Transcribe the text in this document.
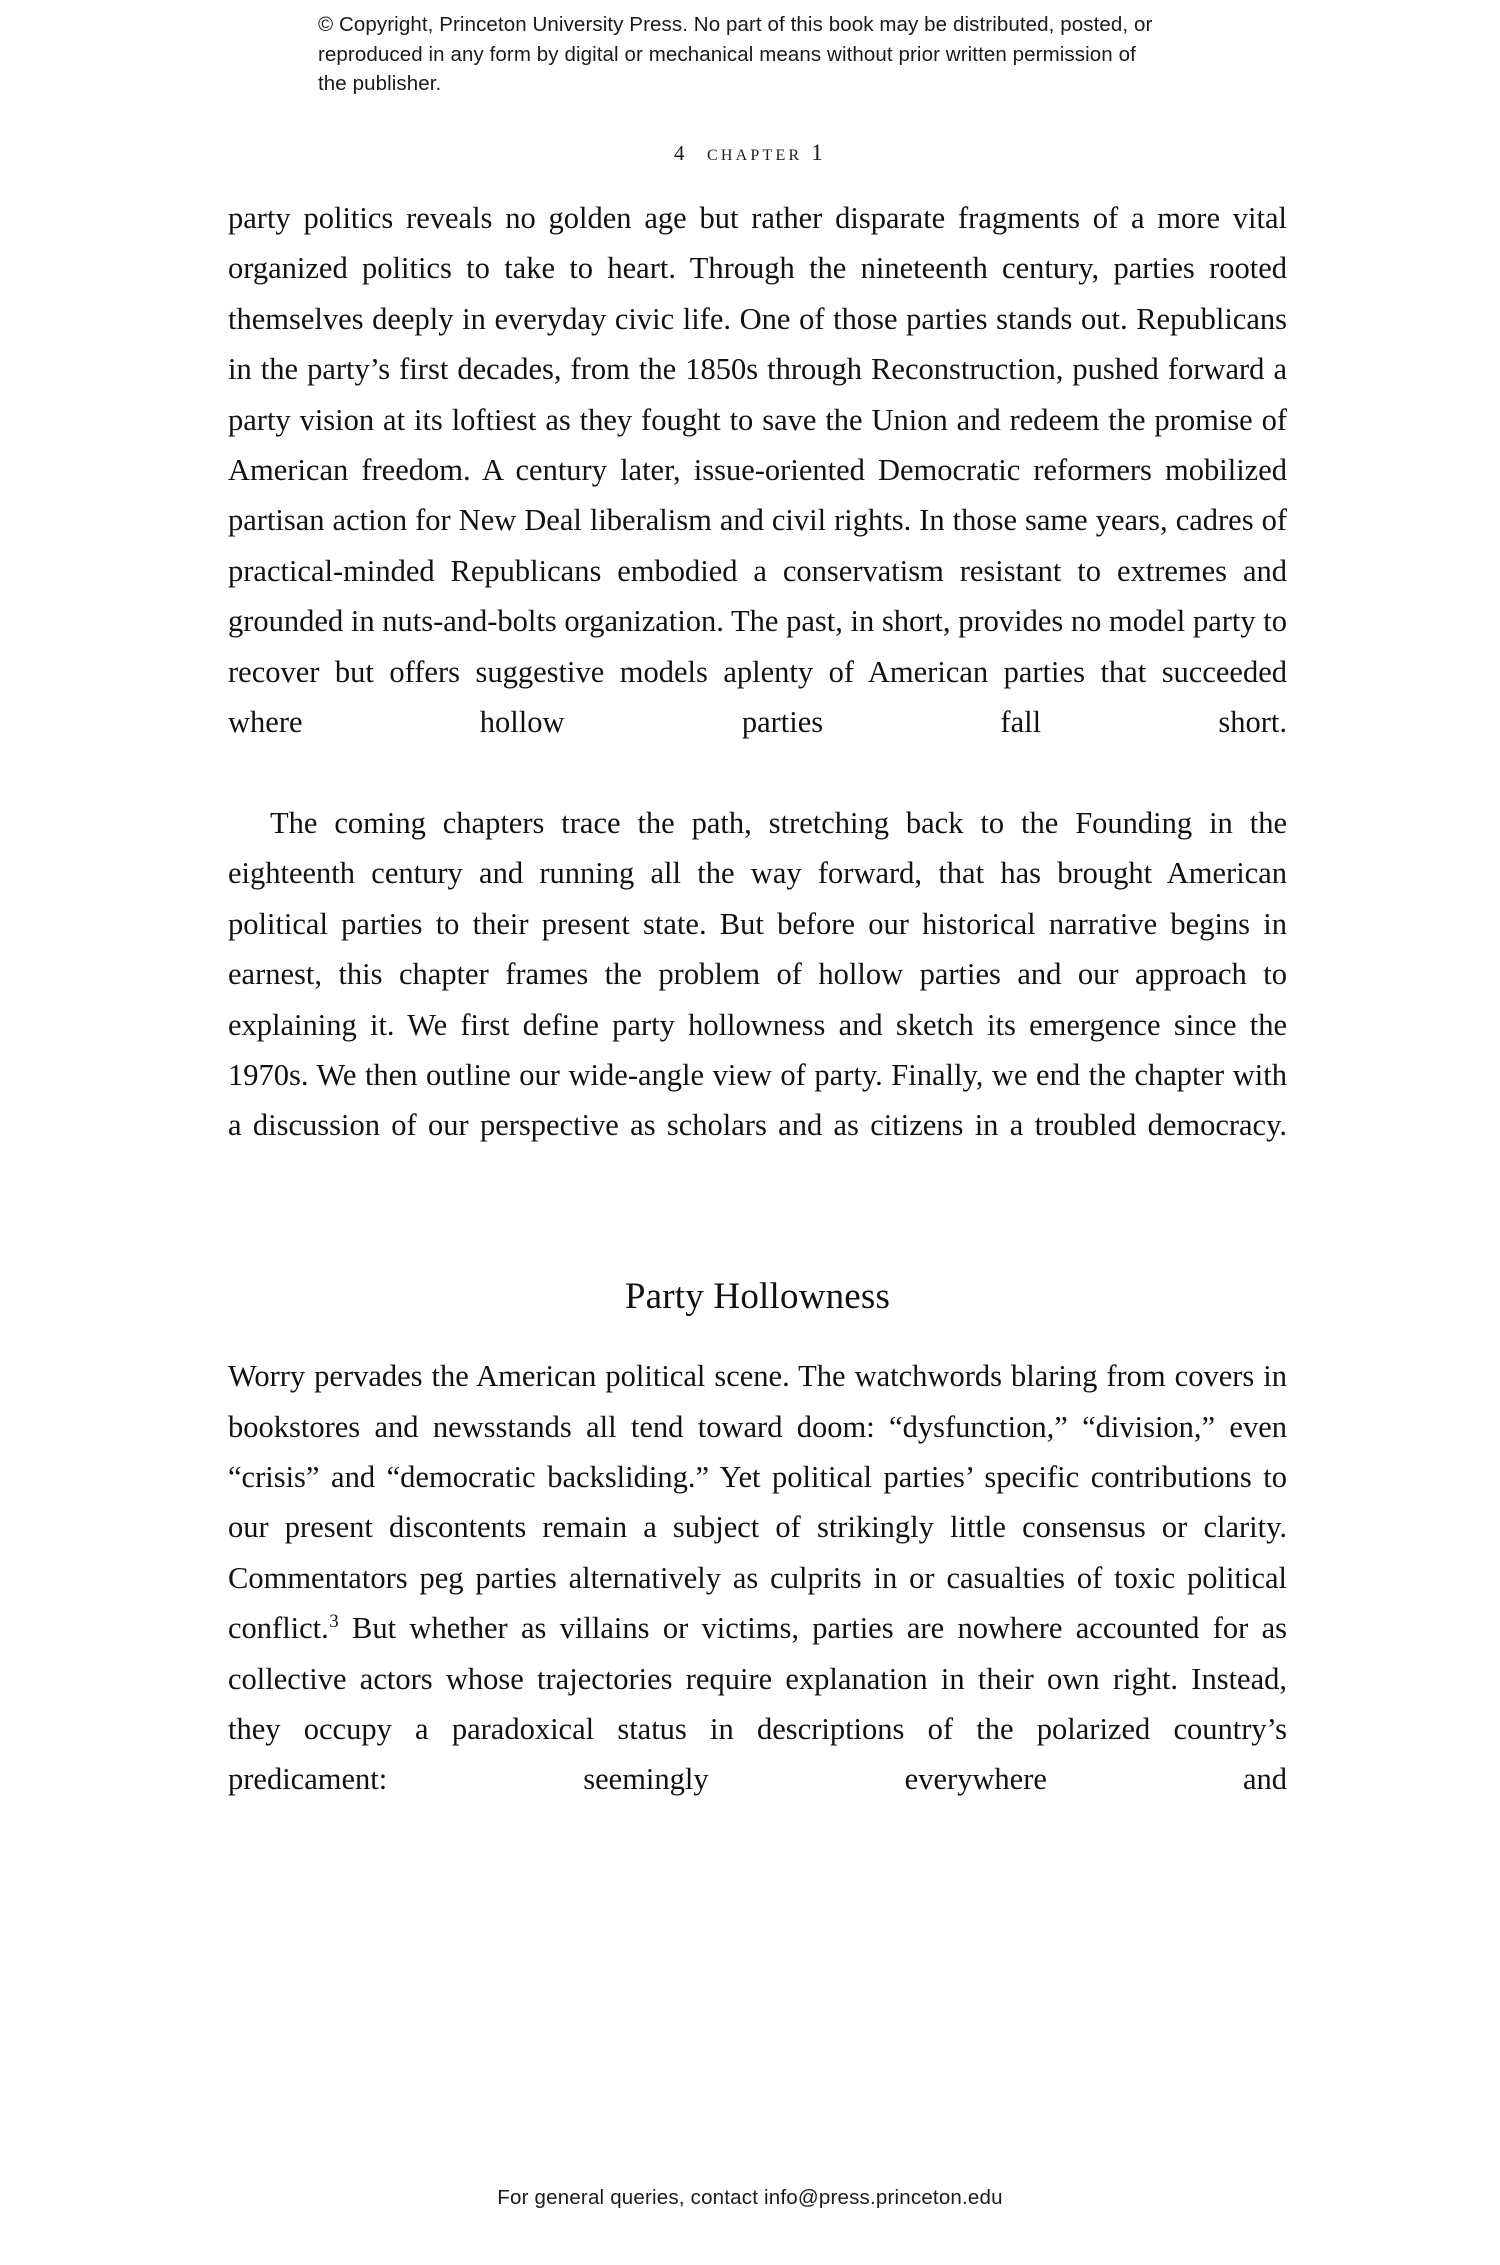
© Copyright, Princeton University Press. No part of this book may be distributed, posted, or reproduced in any form by digital or mechanical means without prior written permission of the publisher.
4 chapter 1

party politics reveals no golden age but rather disparate fragments of a more vital organized politics to take to heart. Through the nineteenth century, parties rooted themselves deeply in everyday civic life. One of those parties stands out. Republicans in the party’s first decades, from the 1850s through Reconstruction, pushed forward a party vision at its loftiest as they fought to save the Union and redeem the promise of American freedom. A century later, issue-oriented Democratic reformers mobilized partisan action for New Deal liberalism and civil rights. In those same years, cadres of practical-minded Republicans embodied a conservatism resistant to extremes and grounded in nuts-and-bolts organization. The past, in short, provides no model party to recover but offers suggestive models aplenty of American parties that succeeded where hollow parties fall short.

The coming chapters trace the path, stretching back to the Founding in the eighteenth century and running all the way forward, that has brought American political parties to their present state. But before our historical narrative begins in earnest, this chapter frames the problem of hollow parties and our approach to explaining it. We first define party hollowness and sketch its emergence since the 1970s. We then outline our wide-angle view of party. Finally, we end the chapter with a discussion of our perspective as scholars and as citizens in a troubled democracy.

Party Hollowness

Worry pervades the American political scene. The watchwords blaring from covers in bookstores and newsstands all tend toward doom: “dysfunction,” “division,” even “crisis” and “democratic backsliding.” Yet political parties’ specific contributions to our present discontents remain a subject of strikingly little consensus or clarity. Commentators peg parties alternatively as culprits in or casualties of toxic political conflict.$^3$ But whether as villains or victims, parties are nowhere accounted for as collective actors whose trajectories require explanation in their own right. Instead, they occupy a paradoxical status in descriptions of the polarized country’s predicament: seemingly everywhere and

For general queries, contact info@press.princeton.edu
